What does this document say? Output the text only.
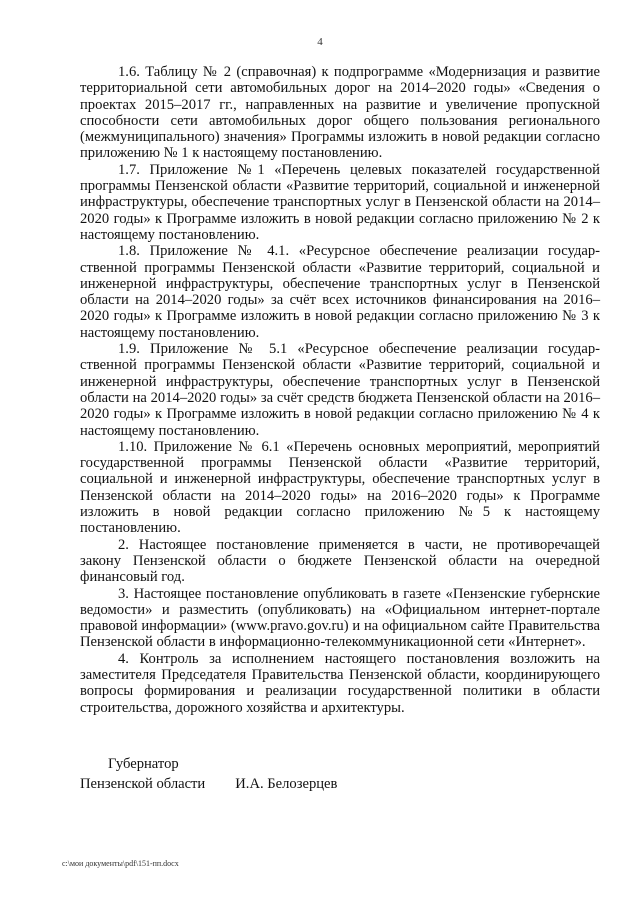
4

1.6. Таблицу № 2 (справочная) к подпрограмме «Модернизация и развитие территориальной сети автомобильных дорог на 2014–2020 годы» «Сведения о проектах 2015–2017 гг., направленных на развитие и увеличение пропускной способности сети автомобильных дорог общего пользования регионального (межмуниципального) значения» Программы изложить в новой редакции согласно приложению № 1 к настоящему постановлению.

1.7. Приложение №1 «Перечень целевых показателей государственной программы Пензенской области «Развитие территорий, социальной и инженерной инфраструктуры, обеспечение транспортных услуг в Пензенской области на 2014–2020 годы» к Программе изложить в новой редакции согласно приложению № 2 к настоящему постановлению.

1.8. Приложение № 4.1. «Ресурсное обеспечение реализации государ-ственной программы Пензенской области «Развитие территорий, социальной и инженерной инфраструктуры, обеспечение транспортных услуг в Пензенской области на 2014–2020 годы» за счёт всех источников финансирования на 2016–2020 годы» к Программе изложить в новой редакции согласно приложению № 3 к настоящему постановлению.

1.9. Приложение № 5.1 «Ресурсное обеспечение реализации государ-ственной программы Пензенской области «Развитие территорий, социальной и инженерной инфраструктуры, обеспечение транспортных услуг в Пензенской области на 2014–2020 годы» за счёт средств бюджета Пензенской области на 2016–2020 годы» к Программе изложить в новой редакции согласно приложению № 4 к настоящему постановлению.

1.10. Приложение № 6.1 «Перечень основных мероприятий, мероприятий государственной программы Пензенской области «Развитие территорий, социальной и инженерной инфраструктуры, обеспечение транспортных услуг в Пензенской области на 2014–2020 годы» на 2016–2020 годы» к Программе изложить в новой редакции согласно приложению №5 к настоящему постановлению.

2. Настоящее постановление применяется в части, не противоречащей закону Пензенской области о бюджете Пензенской области на очередной финансовый год.

3. Настоящее постановление опубликовать в газете «Пензенские губернские ведомости» и разместить (опубликовать) на «Официальном интернет-портале правовой информации» (www.pravo.gov.ru) и на официальном сайте Правительства Пензенской области в информационно-телекоммуникационной сети «Интернет».

4. Контроль за исполнением настоящего постановления возложить на заместителя Председателя Правительства Пензенской области, координирующего вопросы формирования и реализации государственной политики в области строительства, дорожного хозяйства и архитектуры.

Губернатор
Пензенской области И.А. Белозерцев
c:\мои документы\pdf\151-пп.docx
